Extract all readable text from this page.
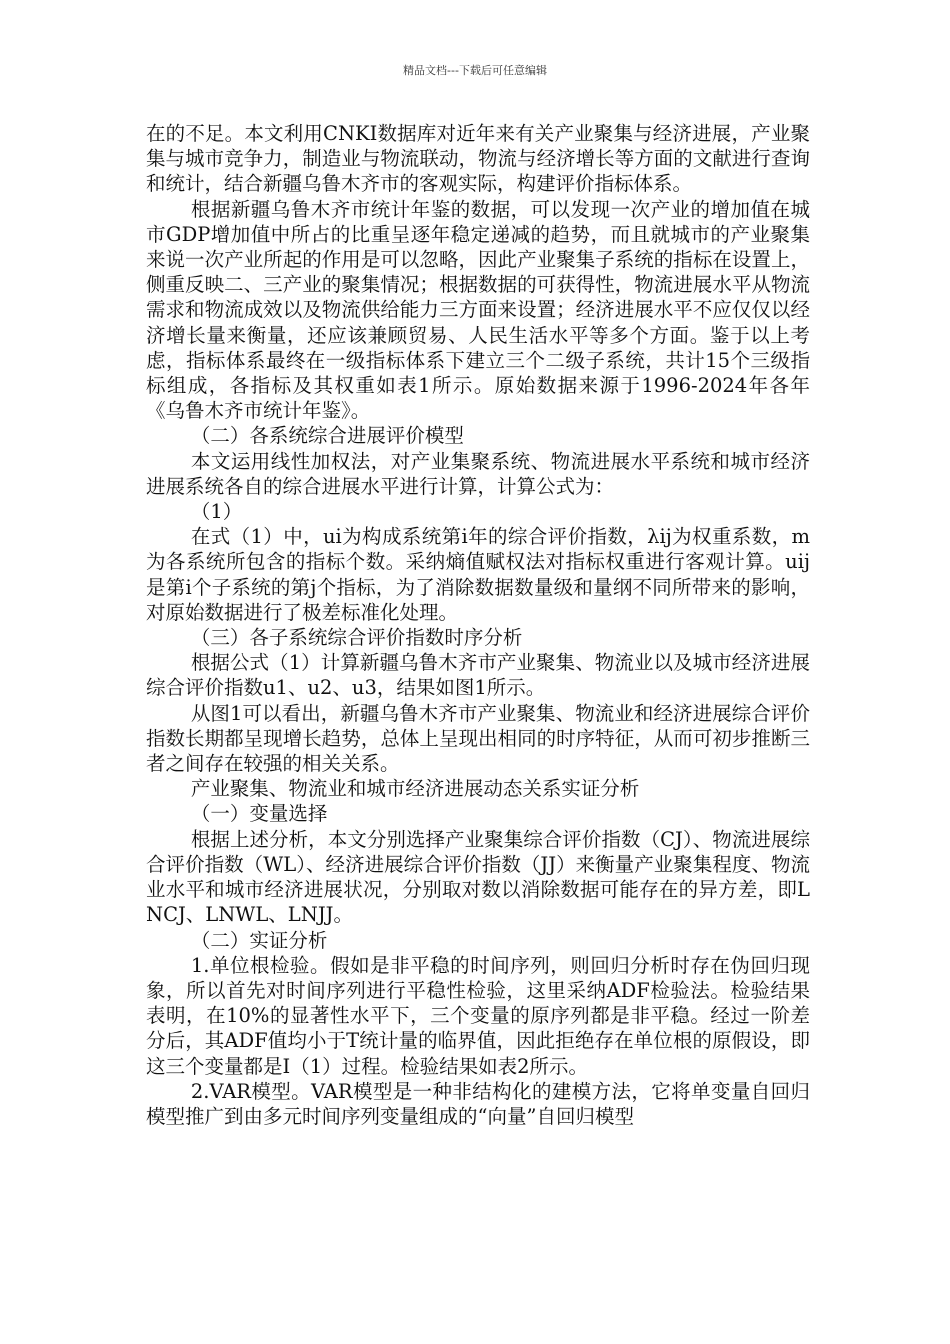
精品文档---下载后可任意编辑

在的不足。本文利用CNKI数据库对近年来有关产业聚集与经济进展，产业聚集与城市竞争力，制造业与物流联动，物流与经济增长等方面的文献进行查询和统计，结合新疆乌鲁木齐市的客观实际，构建评价指标体系。

根据新疆乌鲁木齐市统计年鉴的数据，可以发现一次产业的增加值在城市GDP增加值中所占的比重呈逐年稳定递减的趋势，而且就城市的产业聚集来说一次产业所起的作用是可以忽略，因此产业聚集子系统的指标在设置上，侧重反映二、三产业的聚集情况；根据数据的可获得性，物流进展水平从物流需求和物流成效以及物流供给能力三方面来设置；经济进展水平不应仅仅以经济增长量来衡量，还应该兼顾贸易、人民生活水平等多个方面。鉴于以上考虑，指标体系最终在一级指标体系下建立三个二级子系统，共计15个三级指标组成，各指标及其权重如表1所示。原始数据来源于1996-2024年各年《乌鲁木齐市统计年鉴》。

（二）各系统综合进展评价模型

本文运用线性加权法，对产业集聚系统、物流进展水平系统和城市经济进展系统各自的综合进展水平进行计算，计算公式为：

（1）

在式（1）中，ui为构成系统第i年的综合评价指数，λij为权重系数，m为各系统所包含的指标个数。采纳熵值赋权法对指标权重进行客观计算。uij是第i个子系统的第j个指标，为了消除数据数量级和量纲不同所带来的影响，对原始数据进行了极差标准化处理。

（三）各子系统综合评价指数时序分析

根据公式（1）计算新疆乌鲁木齐市产业聚集、物流业以及城市经济进展综合评价指数u1、u2、u3，结果如图1所示。

从图1可以看出，新疆乌鲁木齐市产业聚集、物流业和经济进展综合评价指数长期都呈现增长趋势，总体上呈现出相同的时序特征，从而可初步推断三者之间存在较强的相关关系。

产业聚集、物流业和城市经济进展动态关系实证分析

（一）变量选择

根据上述分析，本文分别选择产业聚集综合评价指数（CJ）、物流进展综合评价指数（WL）、经济进展综合评价指数（JJ）来衡量产业聚集程度、物流业水平和城市经济进展状况，分别取对数以消除数据可能存在的异方差，即LNCJ、LNWL、LNJJ。

（二）实证分析

1.单位根检验。假如是非平稳的时间序列，则回归分析时存在伪回归现象，所以首先对时间序列进行平稳性检验，这里采纳ADF检验法。检验结果表明，在10%的显著性水平下，三个变量的原序列都是非平稳。经过一阶差分后，其ADF值均小于T统计量的临界值，因此拒绝存在单位根的原假设，即这三个变量都是I（1）过程。检验结果如表2所示。

2.VAR模型。VAR模型是一种非结构化的建模方法，它将单变量自回归模型推广到由多元时间序列变量组成的“向量”自回归模型
